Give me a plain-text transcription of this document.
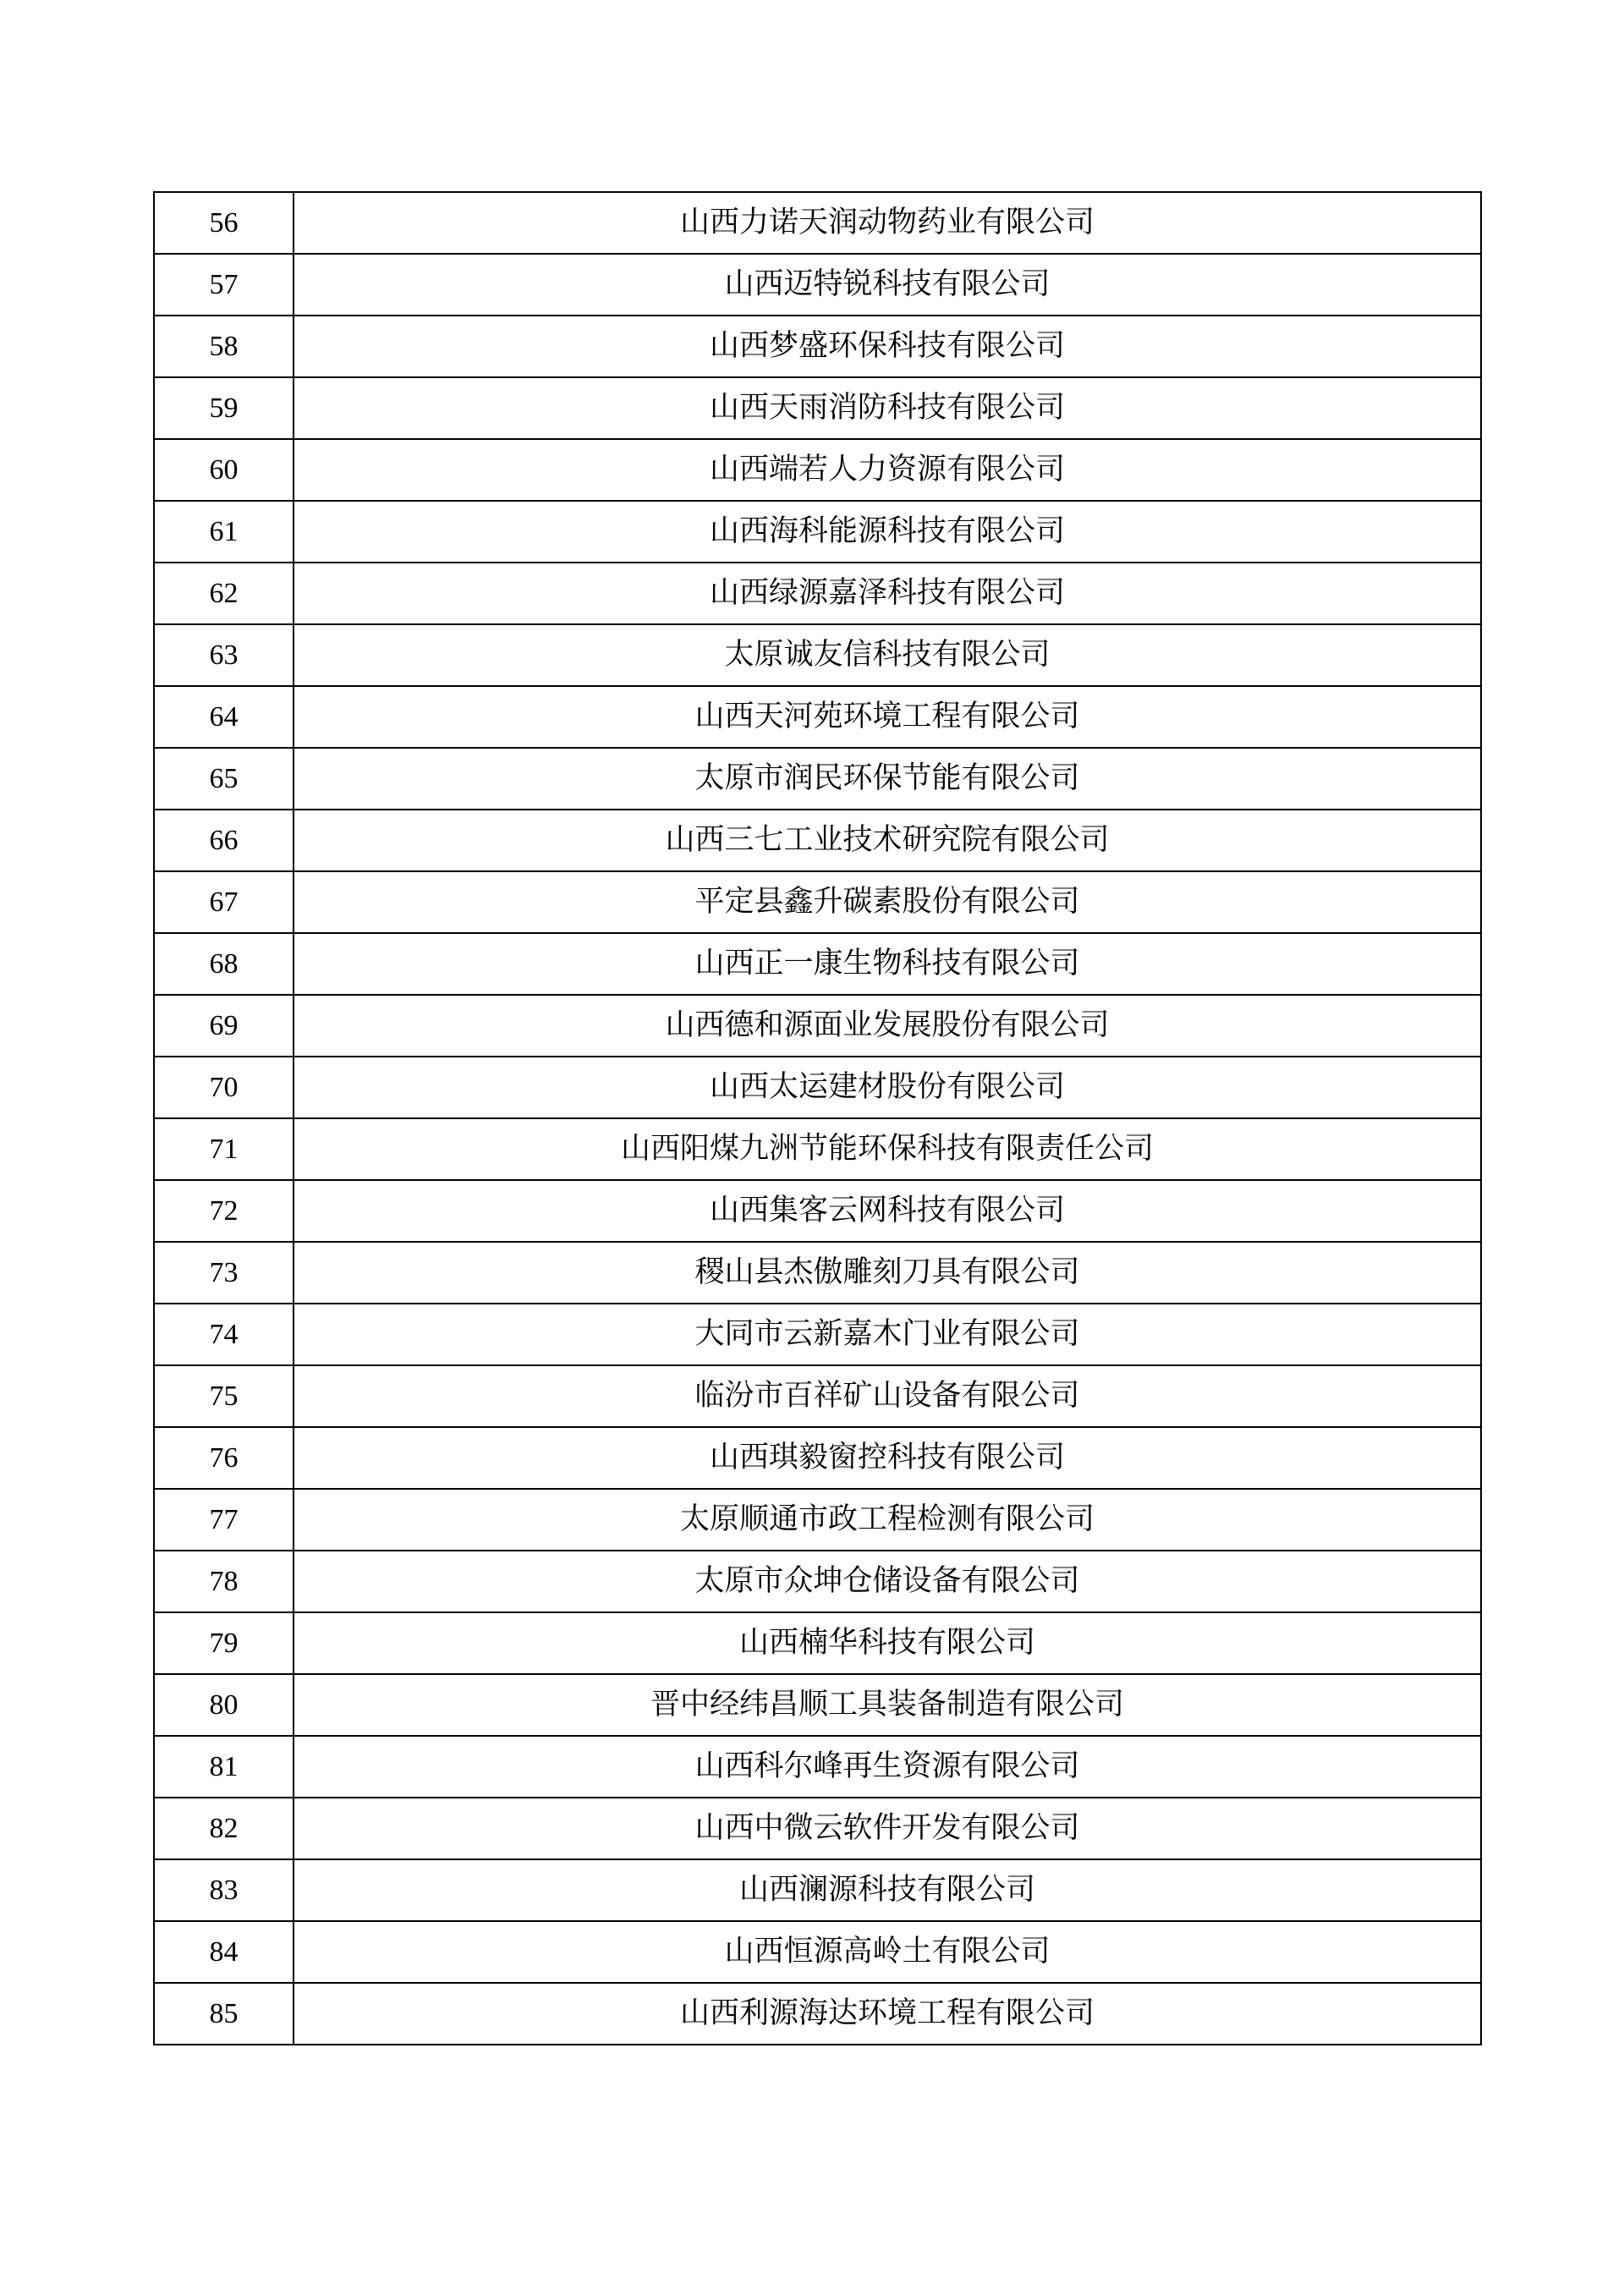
56	山西力诺天润动物药业有限公司
57	山西迈特锐科技有限公司
58	山西梦盛环保科技有限公司
59	山西天雨消防科技有限公司
60	山西端若人力资源有限公司
61	山西海科能源科技有限公司
62	山西绿源嘉泽科技有限公司
63	太原诚友信科技有限公司
64	山西天河苑环境工程有限公司
65	太原市润民环保节能有限公司
66	山西三七工业技术研究院有限公司
67	平定县鑫升碳素股份有限公司
68	山西正一康生物科技有限公司
69	山西德和源面业发展股份有限公司
70	山西太运建材股份有限公司
71	山西阳煤九洲节能环保科技有限责任公司
72	山西集客云网科技有限公司
73	稷山县杰傲雕刻刀具有限公司
74	大同市云新嘉木门业有限公司
75	临汾市百祥矿山设备有限公司
76	山西琪毅窗控科技有限公司
77	太原顺通市政工程检测有限公司
78	太原市众坤仓储设备有限公司
79	山西楠华科技有限公司
80	晋中经纬昌顺工具装备制造有限公司
81	山西科尔峰再生资源有限公司
82	山西中微云软件开发有限公司
83	山西澜源科技有限公司
84	山西恒源高岭土有限公司
85	山西利源海达环境工程有限公司
